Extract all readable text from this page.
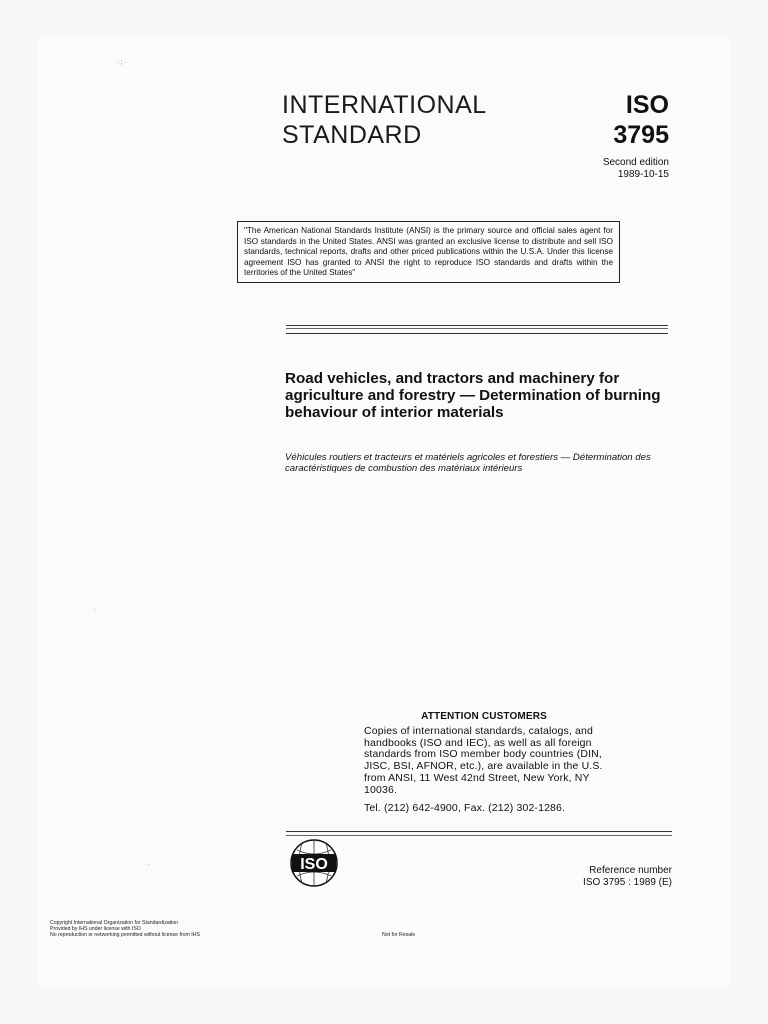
INTERNATIONAL
STANDARD
ISO
3795
Second edition
1989-10-15
"The American National Standards Institute (ANSI) is the primary source and official sales agent for ISO standards in the United States. ANSI was granted an exclusive license to distribute and sell ISO standards, technical reports, drafts and other priced publications within the U.S.A. Under this license agreement ISO has granted to ANSI the right to reproduce ISO standards and drafts within the territories of the United States"
Road vehicles, and tractors and machinery for agriculture and forestry — Determination of burning behaviour of interior materials
Véhicules routiers et tracteurs et matériels agricoles et forestiers — Détermination des caractéristiques de combustion des matériaux intérieurs
ATTENTION CUSTOMERS
Copies of international standards, catalogs, and handbooks (ISO and IEC), as well as all foreign standards from ISO member body countries (DIN, JISC, BSI, AFNOR, etc.), are available in the U.S. from ANSI, 11 West 42nd Street, New York, NY 10036.
Tel. (212) 642-4900, Fax. (212) 302-1286.
ISO	Reference number
ISO 3795 : 1989 (E)
Copyright International Organization for Standardization
Provided by IHS under license with ISO
No reproduction or networking permitted without license from IHS	Not for Resale
· ; ·
·
·
